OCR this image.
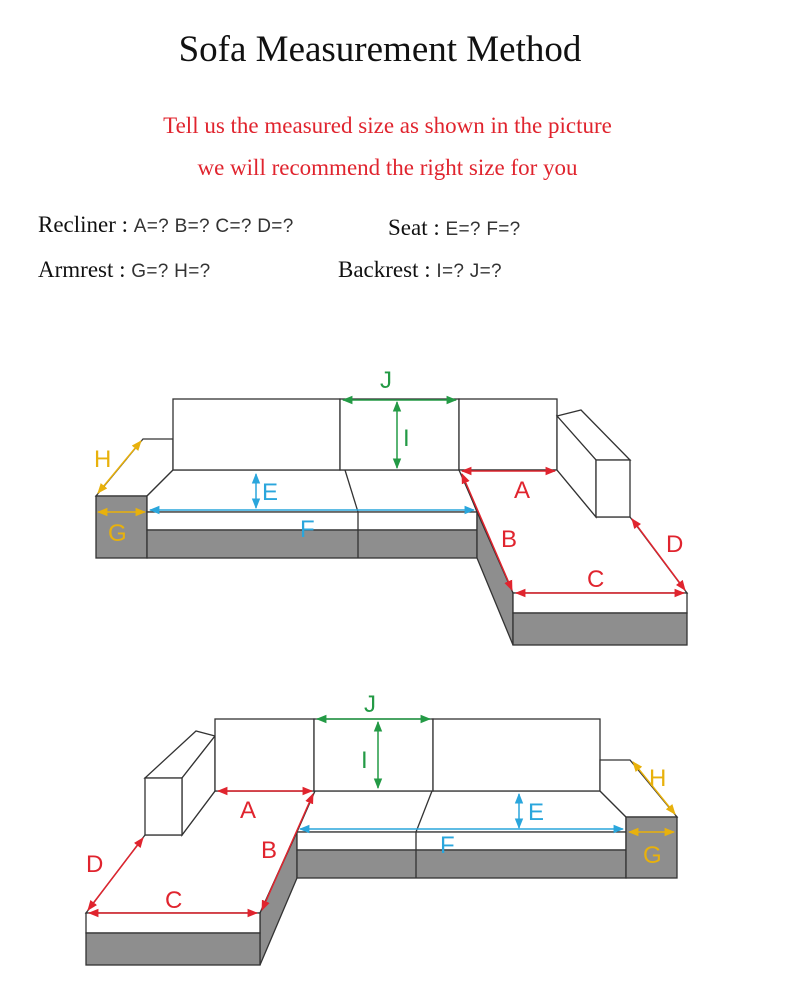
Sofa Measurement Method
Tell us the measured size as shown in the picture
we will recommend the right size for you
Recliner : A=? B=? C=? D=?	Seat : E=? F=?
Armrest : G=? H=?	Backrest : I=? J=?
J
I
E
F
A
B
C
D
G
H
J
I
E
F
A
B
C
D	G
H
